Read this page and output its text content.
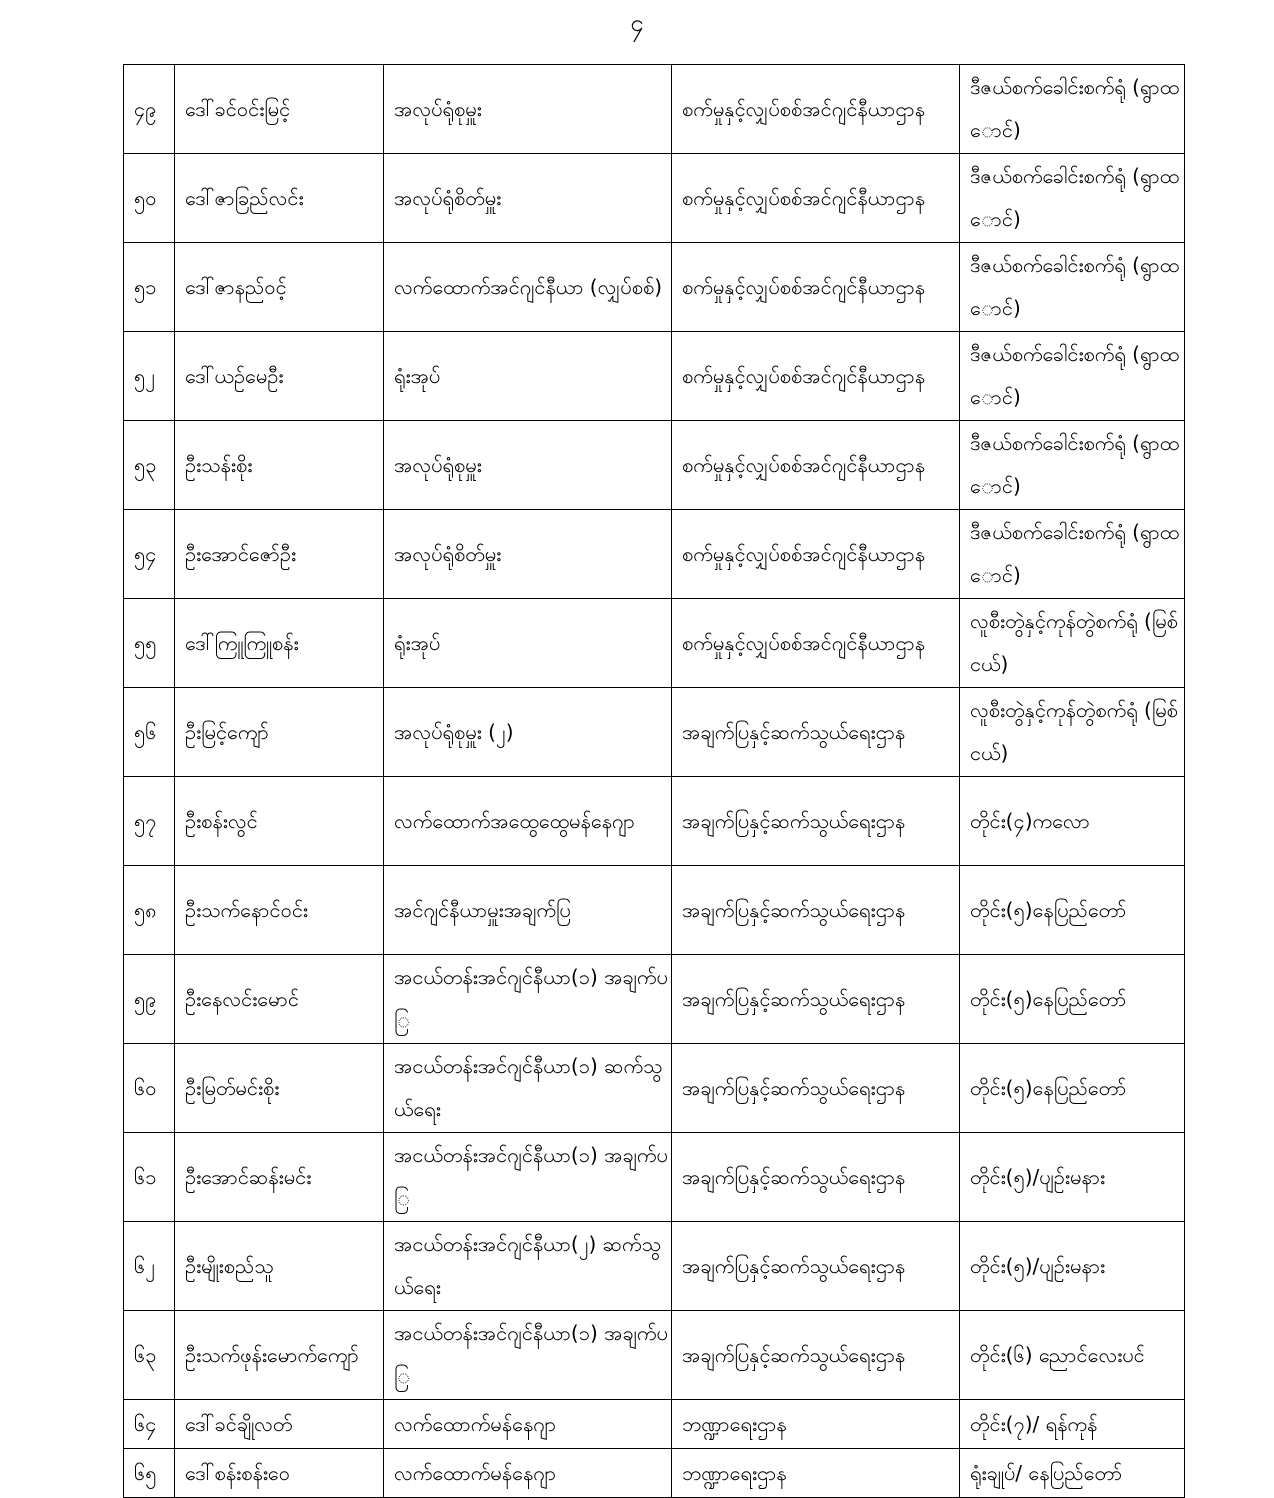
၄
၄၉	ဒေါ်ခင်ဝင်းမြင့်	အလုပ်ရုံစုမှူး	စက်မှုနှင့်လျှပ်စစ်အင်ဂျင်နီယာဌာန	ဒီဇယ်စက်ခေါင်းစက်ရုံ (ရွာထောင်)
၅၀	ဒေါ်ဇာခြည်လင်း	အလုပ်ရုံစိတ်မှူး	စက်မှုနှင့်လျှပ်စစ်အင်ဂျင်နီယာဌာန	ဒီဇယ်စက်ခေါင်းစက်ရုံ (ရွာထောင်)
၅၁	ဒေါ်ဇာနည်ဝင့်	လက်ထောက်အင်ဂျင်နီယာ (လျှပ်စစ်)	စက်မှုနှင့်လျှပ်စစ်အင်ဂျင်နီယာဌာန	ဒီဇယ်စက်ခေါင်းစက်ရုံ (ရွာထောင်)
၅၂	ဒေါ်ယဉ်မေဦး	ရုံးအုပ်	စက်မှုနှင့်လျှပ်စစ်အင်ဂျင်နီယာဌာန	ဒီဇယ်စက်ခေါင်းစက်ရုံ (ရွာထောင်)
၅၃	ဦးသန်းစိုး	အလုပ်ရုံစုမှူး	စက်မှုနှင့်လျှပ်စစ်အင်ဂျင်နီယာဌာန	ဒီဇယ်စက်ခေါင်းစက်ရုံ (ရွာထောင်)
၅၄	ဦးအောင်ဇော်ဦး	အလုပ်ရုံစိတ်မှူး	စက်မှုနှင့်လျှပ်စစ်အင်ဂျင်နီယာဌာန	ဒီဇယ်စက်ခေါင်းစက်ရုံ (ရွာထောင်)
၅၅	ဒေါ်ကြူကြူစန်း	ရုံးအုပ်	စက်မှုနှင့်လျှပ်စစ်အင်ဂျင်နီယာဌာန	လူစီးတွဲနှင့်ကုန်တွဲစက်ရုံ (မြစ်ငယ်)
၅၆	ဦးမြင့်ကျော်	အလုပ်ရုံစုမှူး (၂)	အချက်ပြနှင့်ဆက်သွယ်ရေးဌာန	လူစီးတွဲနှင့်ကုန်တွဲစက်ရုံ (မြစ်ငယ်)
၅၇	ဦးစန်းလွင်	လက်ထောက်အထွေထွေမန်နေဂျာ	အချက်ပြနှင့်ဆက်သွယ်ရေးဌာန	တိုင်း(၄)ကလော
၅၈	ဦးသက်နောင်ဝင်း	အင်ဂျင်နီယာမှူးအချက်ပြ	အချက်ပြနှင့်ဆက်သွယ်ရေးဌာန	တိုင်း(၅)နေပြည်တော်
၅၉	ဦးနေလင်းမောင်	အငယ်တန်းအင်ဂျင်နီယာ(၁) အချက်ပြ	အချက်ပြနှင့်ဆက်သွယ်ရေးဌာန	တိုင်း(၅)နေပြည်တော်
၆၀	ဦးမြတ်မင်းစိုး	အငယ်တန်းအင်ဂျင်နီယာ(၁) ဆက်သွယ်ရေး	အချက်ပြနှင့်ဆက်သွယ်ရေးဌာန	တိုင်း(၅)နေပြည်တော်
၆၁	ဦးအောင်ဆန်းမင်း	အငယ်တန်းအင်ဂျင်နီယာ(၁) အချက်ပြ	အချက်ပြနှင့်ဆက်သွယ်ရေးဌာန	တိုင်း(၅)/ပျဉ်းမနား
၆၂	ဦးမျိုးစည်သူ	အငယ်တန်းအင်ဂျင်နီယာ(၂) ဆက်သွယ်ရေး	အချက်ပြနှင့်ဆက်သွယ်ရေးဌာန	တိုင်း(၅)/ပျဉ်းမနား
၆၃	ဦးသက်ဖုန်းမောက်ကျော်	အငယ်တန်းအင်ဂျင်နီယာ(၁) အချက်ပြ	အချက်ပြနှင့်ဆက်သွယ်ရေးဌာန	တိုင်း(၆) ညောင်လေးပင်
၆၄	ဒေါ်ခင်ချိုလတ်	လက်ထောက်မန်နေဂျာ	ဘဏ္ဍာရေးဌာန	တိုင်း(၇)/ ရန်ကုန်
၆၅	ဒေါ်စန်းစန်းဝေ	လက်ထောက်မန်နေဂျာ	ဘဏ္ဍာရေးဌာန	ရုံးချုပ်/ နေပြည်တော်
